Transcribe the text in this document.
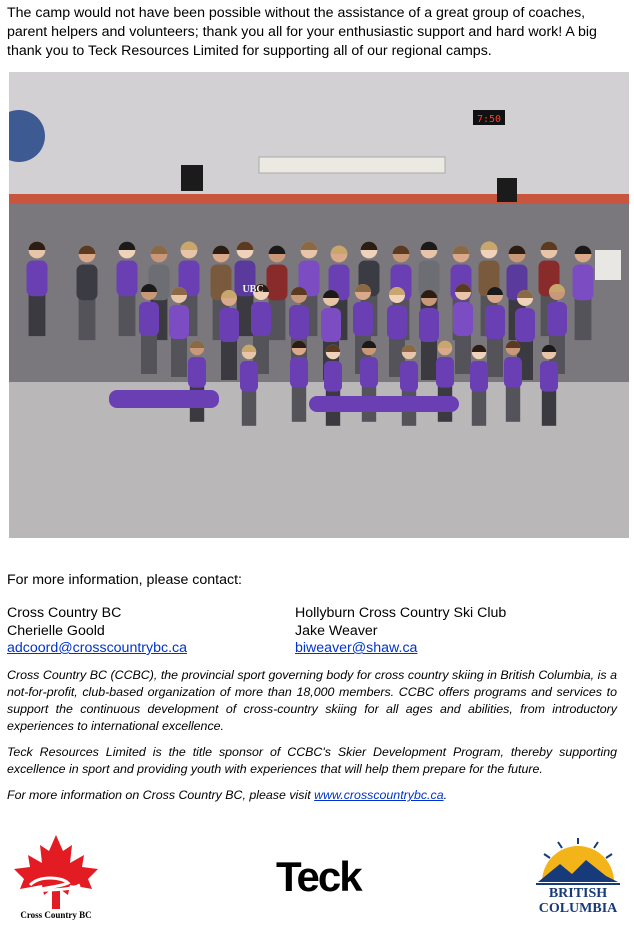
The camp would not have been possible without the assistance of a great group of coaches, parent helpers and volunteers; thank you all for your enthusiastic support and hard work! A big thank you to Teck Resources Limited for supporting all of our regional camps.

7:50
UBC

For more information, please contact:

Cross Country BC
Cherielle Goold
adcoord@crosscountrybc.ca
Hollyburn Cross Country Ski Club
Jake Weaver
biweaver@shaw.ca

Cross Country BC (CCBC), the provincial sport governing body for cross country skiing in British Columbia, is a not-for-profit, club-based organization of more than 18,000 members. CCBC offers programs and services to support the continuous development of cross-country skiing for all ages and abilities, from introductory experiences to international excellence.

Teck Resources Limited is the title sponsor of CCBC's Skier Development Program, thereby supporting excellence in sport and providing youth with experiences that will help them prepare for the future.

For more information on Cross Country BC, please visit www.crosscountrybc.ca.

Cross Country BC
Teck	BRITISH
COLUMBIA
